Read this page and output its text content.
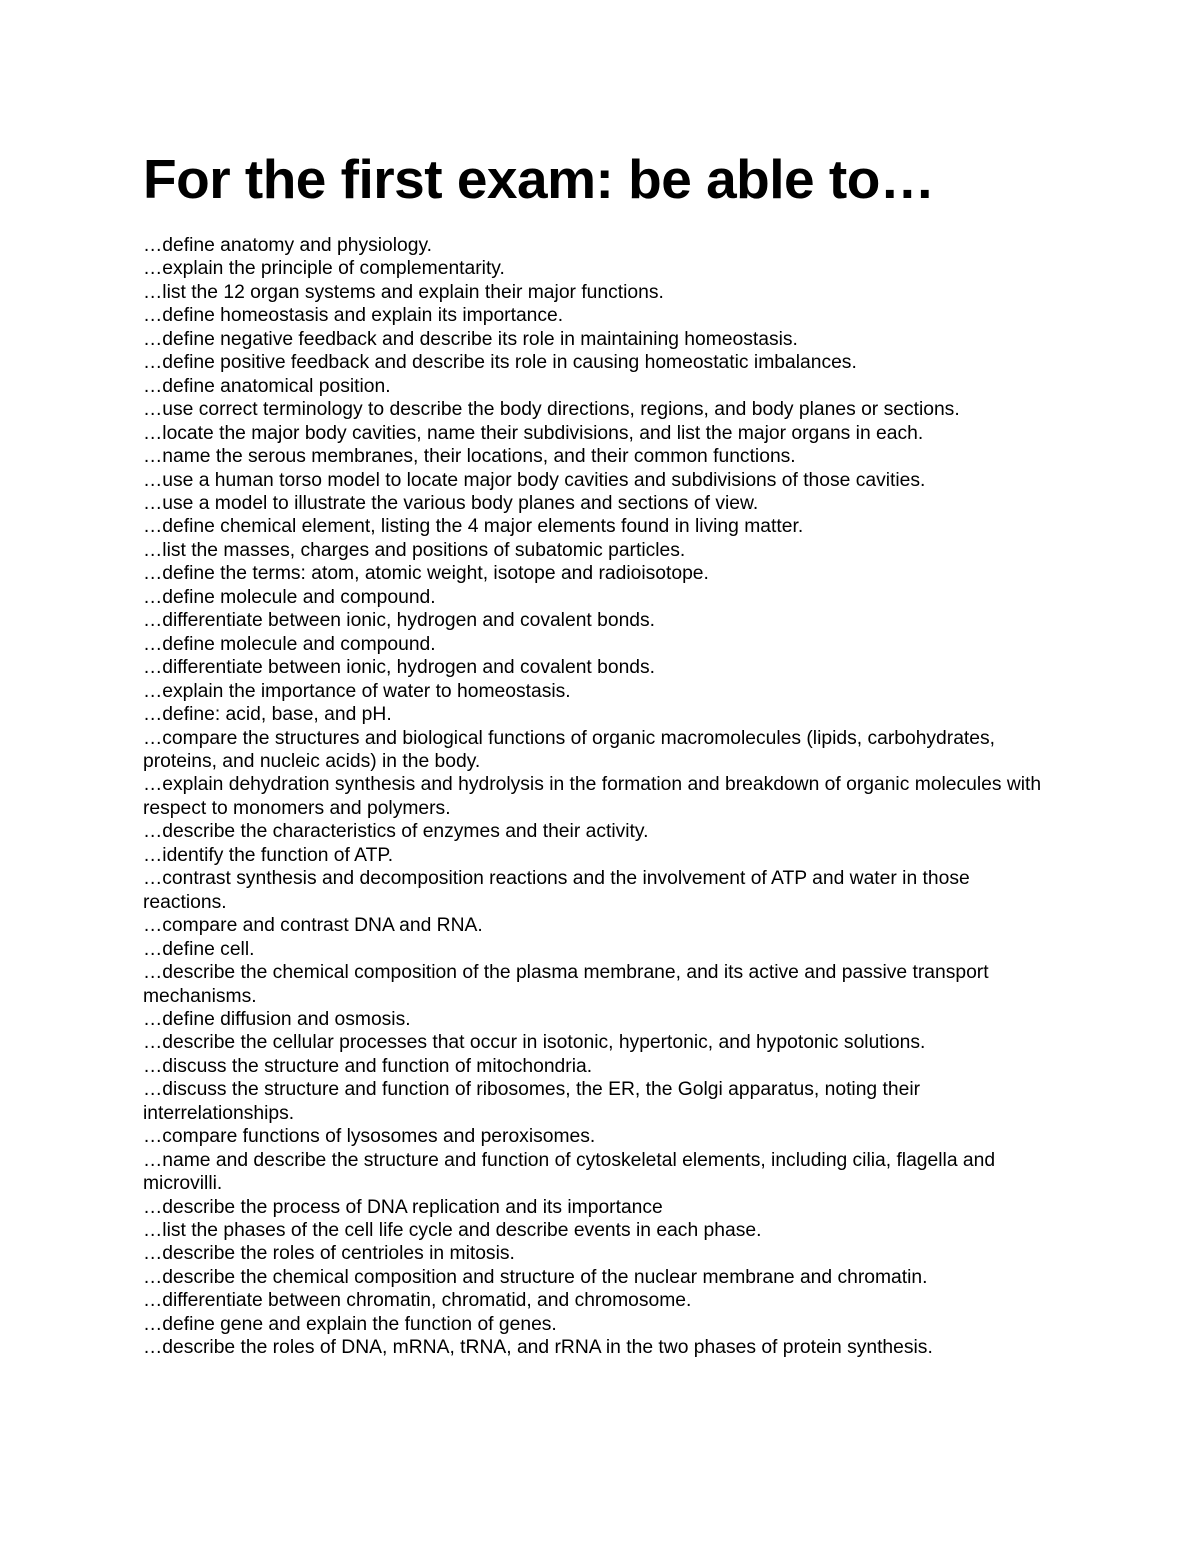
For the first exam: be able to…
…define anatomy and physiology.
…explain the principle of complementarity.
…list the 12 organ systems and explain their major functions.
…define homeostasis and explain its importance.
…define negative feedback and describe its role in maintaining homeostasis.
…define positive feedback and describe its role in causing homeostatic imbalances.
…define anatomical position.
…use correct terminology to describe the body directions, regions, and body planes or sections.
…locate the major body cavities, name their subdivisions, and list the major organs in each.
…name the serous membranes, their locations, and their common functions.
…use a human torso model to locate major body cavities and subdivisions of those cavities.
…use a model to illustrate the various body planes and sections of view.
…define chemical element, listing the 4 major elements found in living matter.
…list the masses, charges and positions of subatomic particles.
…define the terms: atom, atomic weight, isotope and radioisotope.
…define molecule and compound.
…differentiate between ionic, hydrogen and covalent bonds.
…define molecule and compound.
…differentiate between ionic, hydrogen and covalent bonds.
…explain the importance of water to homeostasis.
…define: acid, base, and pH.
…compare the structures and biological functions of organic macromolecules (lipids, carbohydrates, proteins, and nucleic acids) in the body.
…explain dehydration synthesis and hydrolysis in the formation and breakdown of organic molecules with respect to monomers and polymers.
…describe the characteristics of enzymes and their activity.
…identify the function of ATP.
…contrast synthesis and decomposition reactions and the involvement of ATP and water in those reactions.
…compare and contrast DNA and RNA.
…define cell.
…describe the chemical composition of the plasma membrane, and its active and passive transport mechanisms.
…define diffusion and osmosis.
…describe the cellular processes that occur in isotonic, hypertonic, and hypotonic solutions.
…discuss the structure and function of mitochondria.
…discuss the structure and function of ribosomes, the ER, the Golgi apparatus, noting their interrelationships.
…compare functions of lysosomes and peroxisomes.
…name and describe the structure and function of cytoskeletal elements, including cilia, flagella and microvilli.
…describe the process of DNA replication and its importance
…list the phases of the cell life cycle and describe events in each phase.
…describe the roles of centrioles in mitosis.
…describe the chemical composition and structure of the nuclear membrane and chromatin.
…differentiate between chromatin, chromatid, and chromosome.
…define gene and explain the function of genes.
…describe the roles of DNA, mRNA, tRNA, and rRNA in the two phases of protein synthesis.
